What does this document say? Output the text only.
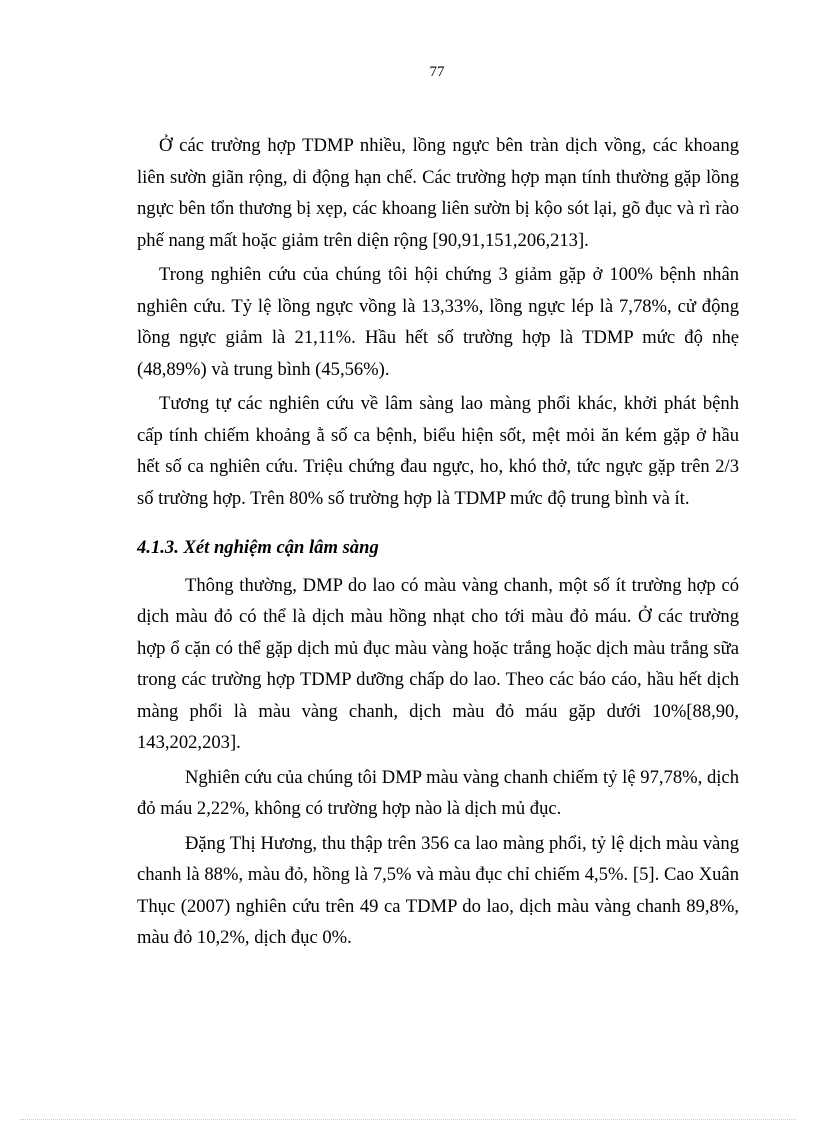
77

Ở các trường hợp TDMP nhiều, lồng ngực bên tràn dịch vồng, các khoang liên sườn giãn rộng, di động hạn chế. Các trường hợp mạn tính thường gặp lồng ngực bên tổn thương bị xẹp, các khoang liên sườn bị kộo sót lại, gõ đục và rì rào phế nang mất hoặc giảm trên diện rộng [90,91,151,206,213].

Trong nghiên cứu của chúng tôi hội chứng 3 giảm gặp ở 100% bệnh nhân nghiên cứu. Tỷ lệ lồng ngực vồng là 13,33%, lồng ngực lép là 7,78%, cử động lồng ngực giảm là 21,11%. Hầu hết số trường hợp là TDMP mức độ nhẹ (48,89%) và trung bình (45,56%).

Tương tự các nghiên cứu về lâm sàng lao màng phổi khác, khởi phát bệnh cấp tính chiếm khoảng ằ số ca bệnh, biểu hiện sốt, mệt mỏi ăn kém gặp ở hầu hết số ca nghiên cứu. Triệu chứng đau ngực, ho, khó thở, tức ngực gặp trên 2/3 số trường hợp. Trên 80% số trường hợp là TDMP mức độ trung bình và ít.

4.1.3. Xét nghiệm cận lâm sàng

Thông thường, DMP do lao có màu vàng chanh, một số ít trường hợp có dịch màu đỏ có thể là dịch màu hồng nhạt cho tới màu đỏ máu. Ở các trường hợp ổ cặn có thể gặp dịch mủ đục màu vàng hoặc trắng hoặc dịch màu trắng sữa trong các trường hợp TDMP dưỡng chấp do lao. Theo các báo cáo, hầu hết dịch màng phổi là màu vàng chanh, dịch màu đỏ máu gặp dưới 10%[88,90, 143,202,203].

Nghiên cứu của chúng tôi DMP màu vàng chanh chiếm tỷ lệ 97,78%, dịch đỏ máu 2,22%, không có trường hợp nào là dịch mủ đục.

Đặng Thị Hương, thu thập trên 356 ca lao màng phổi, tỷ lệ dịch màu vàng chanh là 88%, màu đỏ, hồng là 7,5% và màu đục chỉ chiếm 4,5%. [5]. Cao Xuân Thục (2007) nghiên cứu trên 49 ca TDMP do lao, dịch màu vàng chanh 89,8%, màu đỏ 10,2%, dịch đục 0%.
